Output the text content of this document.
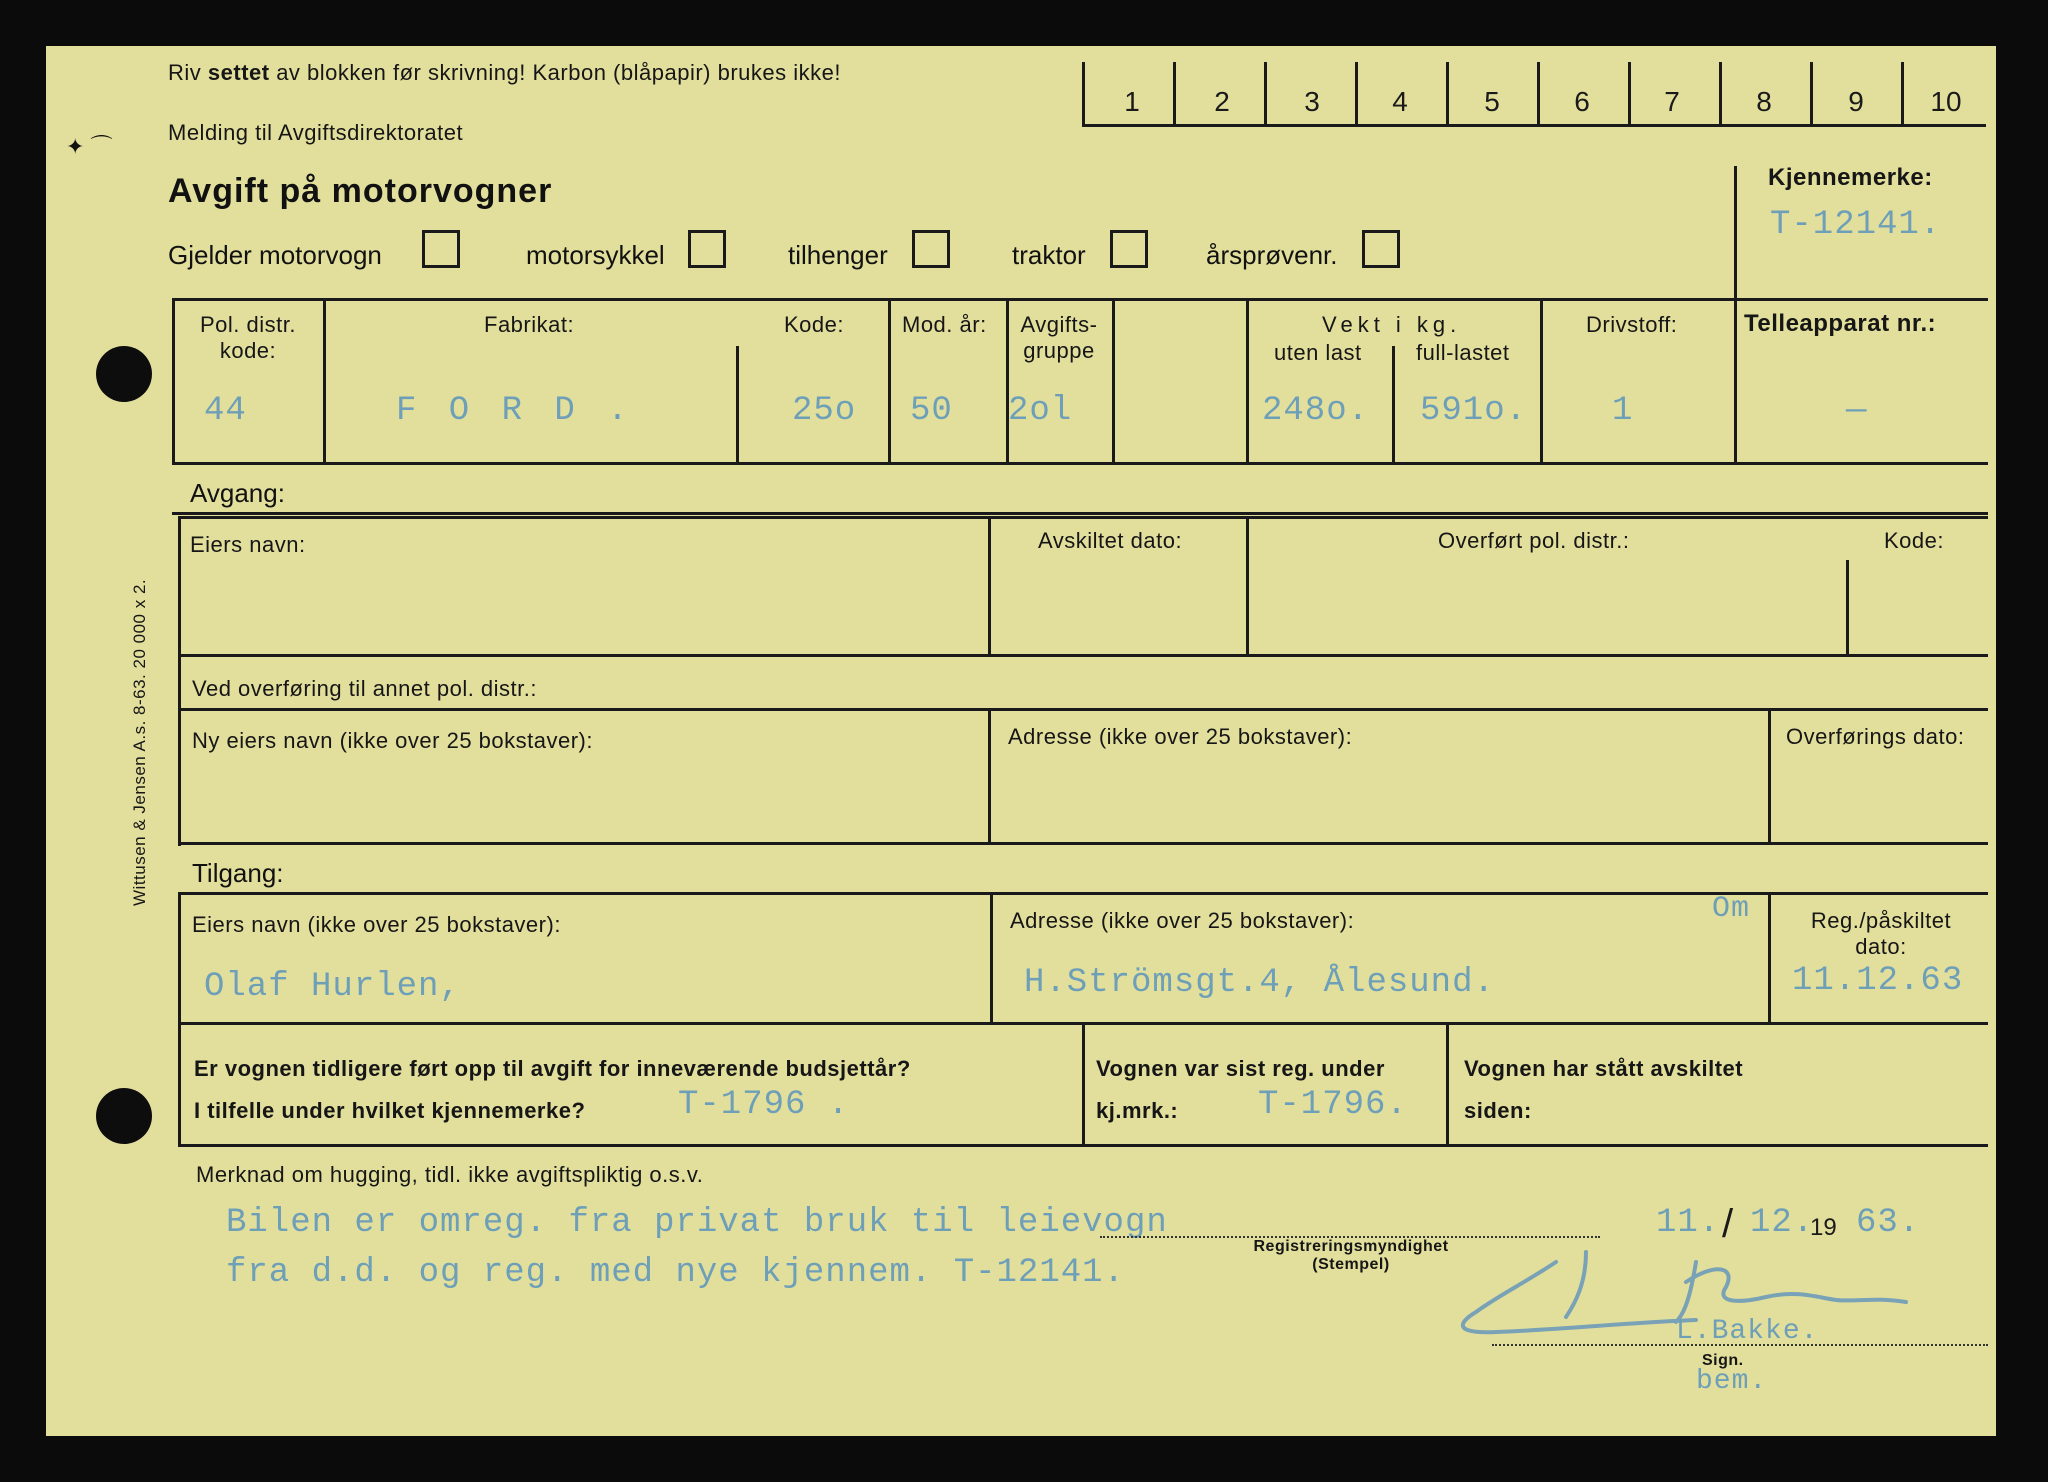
Wittusen & Jensen A.s. 8-63. 20 000 x 2.
Riv settet av blokken før skrivning! Karbon (blåpapir) brukes ikke!
✦ ⌒
Melding til Avgiftsdirektoratet
Avgift på motorvogner
1	2	3	4	5	6	7	8	9	10
Kjennemerke:
T-12141.
Gjelder motorvogn	motorsykkel	tilhenger	traktor	årsprøvenr.
Pol. distr.
kode:
44
Fabrikat:
F O R D .
Kode:
25o
Mod. år:
50
Avgifts-
gruppe
2ol
Vekt i kg.
uten last full-lastet
248o. 591o.
Drivstoff:
1
Telleapparat nr.:
—
Avgang:
Eiers navn:	Avskiltet dato:	Overført pol. distr.:	Kode:
Ved overføring til annet pol. distr.:
Ny eiers navn (ikke over 25 bokstaver):	Adresse (ikke over 25 bokstaver):	Overførings dato:
Tilgang:
Eiers navn (ikke over 25 bokstaver):
Olaf Hurlen,
Adresse (ikke over 25 bokstaver):
H.Strömsgt.4, Ålesund.
Om	Reg./påskiltet
dato:
11.12.63
Er vognen tidligere ført opp til avgift for inneværende budsjettår?
I tilfelle under hvilket kjennemerke?	T-1796 .
Vognen var sist reg. under
kj.mrk.: T-1796.
Vognen har stått avskiltet
siden:
Merknad om hugging, tidl. ikke avgiftspliktig o.s.v.
Bilen er omreg. fra privat bruk til leievogn
fra d.d. og reg. med nye kjennem. T-12141.
11. / 12.
19 63.
Registreringsmyndighet
(Stempel)
L.Bakke.
Sign.
bem.
